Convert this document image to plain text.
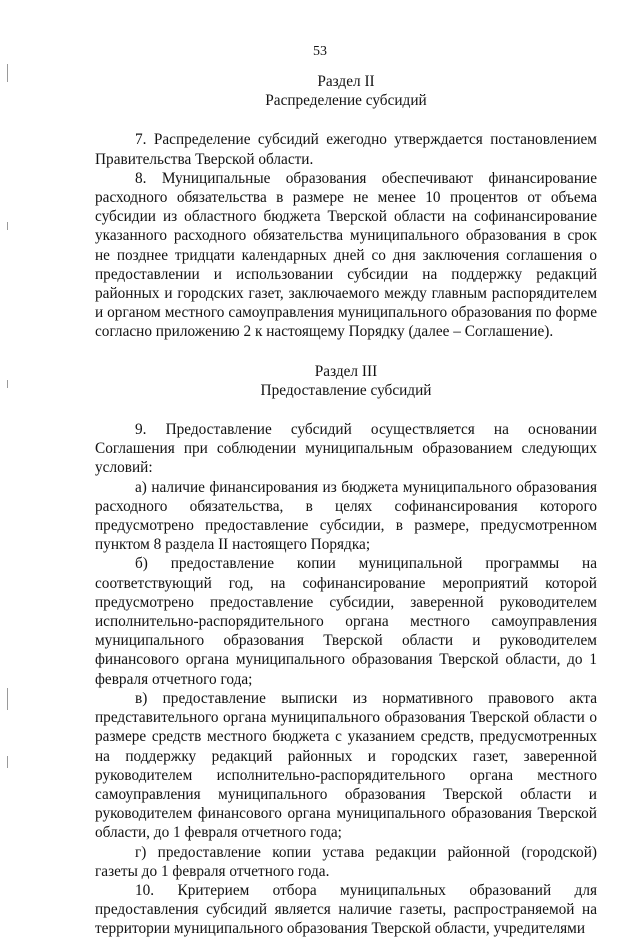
53

Раздел II

Распределение субсидий

7. Распределение субсидий ежегодно утверждается постановлением Правительства Тверской области.

8. Муниципальные образования обеспечивают финансирование расходного обязательства в размере не менее 10 процентов от объема субсидии из областного бюджета Тверской области на софинансирование указанного расходного обязательства муниципального образования в срок не позднее тридцати календарных дней со дня заключения соглашения о предоставлении и использовании субсидии на поддержку редакций районных и городских газет, заключаемого между главным распорядителем и органом местного самоуправления муниципального образования по форме согласно приложению 2 к настоящему Порядку (далее – Соглашение).

Раздел III

Предоставление субсидий

9. Предоставление субсидий осуществляется на основании Соглашения при соблюдении муниципальным образованием следующих условий:

а) наличие финансирования из бюджета муниципального образования расходного обязательства, в целях софинансирования которого предусмотрено предоставление субсидии, в размере, предусмотренном пунктом 8 раздела II настоящего Порядка;

б) предоставление копии муниципальной программы на соответствующий год, на софинансирование мероприятий которой предусмотрено предоставление субсидии, заверенной руководителем исполнительно-распорядительного органа местного самоуправления муниципального образования Тверской области и руководителем финансового органа муниципального образования Тверской области, до 1 февраля отчетного года;

в) предоставление выписки из нормативного правового акта представительного органа муниципального образования Тверской области о размере средств местного бюджета с указанием средств, предусмотренных на поддержку редакций районных и городских газет, заверенной руководителем исполнительно-распорядительного органа местного самоуправления муниципального образования Тверской области и руководителем финансового органа муниципального образования Тверской области, до 1 февраля отчетного года;

г) предоставление копии устава редакции районной (городской) газеты до 1 февраля отчетного года.

10. Критерием отбора муниципальных образований для предоставления субсидий является наличие газеты, распространяемой на территории муниципального образования Тверской области, учредителями
